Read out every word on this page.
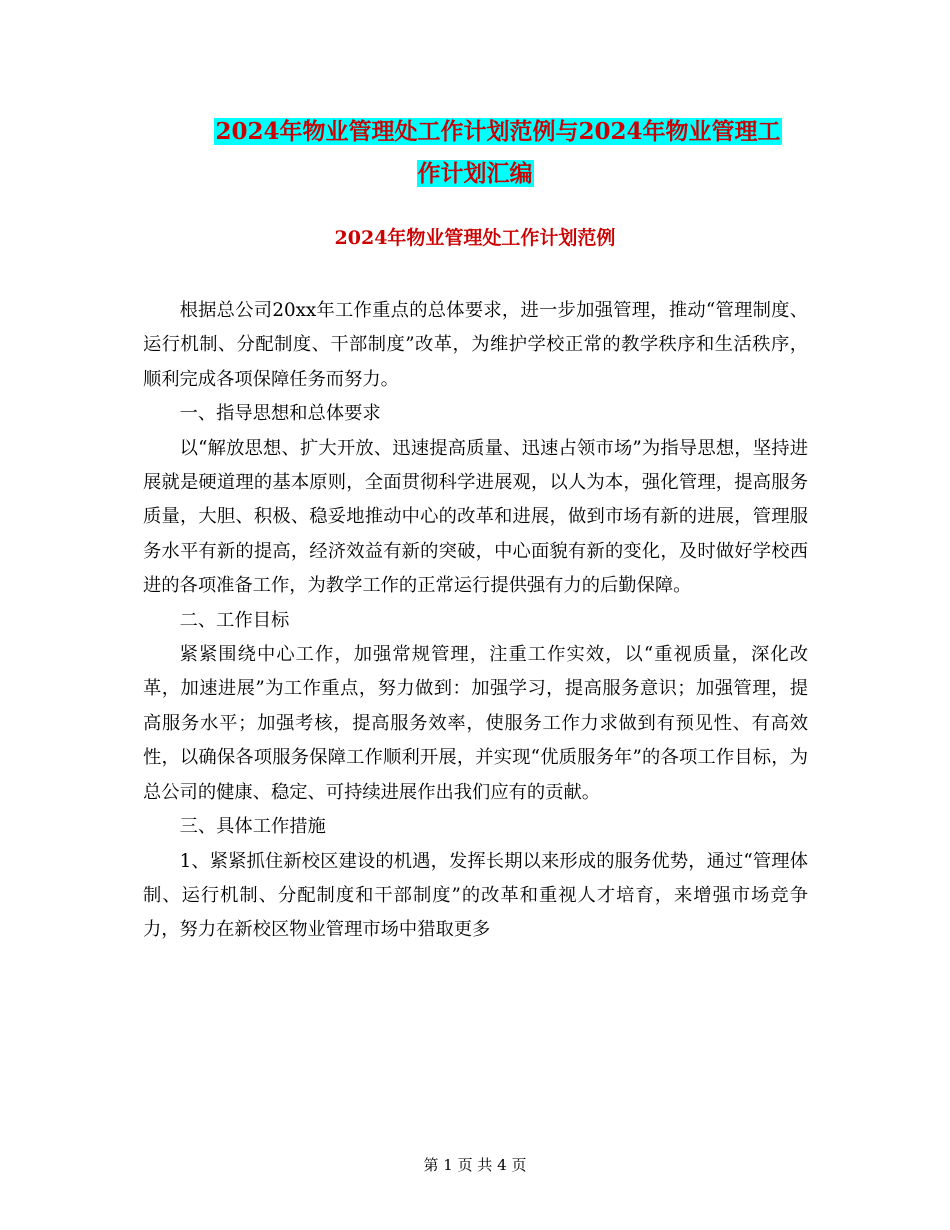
2024年物业管理处工作计划范例与2024年物业管理工
作计划汇编
2024年物业管理处工作计划范例

根据总公司20xx年工作重点的总体要求，进一步加强管理，推动“管理制度、运行机制、分配制度、干部制度”改革，为维护学校正常的教学秩序和生活秩序，顺利完成各项保障任务而努力。

一、指导思想和总体要求

以“解放思想、扩大开放、迅速提高质量、迅速占领市场”为指导思想，坚持进展就是硬道理的基本原则，全面贯彻科学进展观，以人为本，强化管理，提高服务质量，大胆、积极、稳妥地推动中心的改革和进展，做到市场有新的进展，管理服务水平有新的提高，经济效益有新的突破，中心面貌有新的变化，及时做好学校西进的各项准备工作，为教学工作的正常运行提供强有力的后勤保障。

二、工作目标

紧紧围绕中心工作，加强常规管理，注重工作实效，以“重视质量，深化改革，加速进展”为工作重点，努力做到：加强学习，提高服务意识；加强管理，提高服务水平；加强考核，提高服务效率，使服务工作力求做到有预见性、有高效性，以确保各项服务保障工作顺利开展，并实现“优质服务年”的各项工作目标，为总公司的健康、稳定、可持续进展作出我们应有的贡献。

三、具体工作措施

1、紧紧抓住新校区建设的机遇，发挥长期以来形成的服务优势，通过“管理体制、运行机制、分配制度和干部制度”的改革和重视人才培育，来增强市场竞争力，努力在新校区物业管理市场中猎取更多

第 1 页 共 4 页
